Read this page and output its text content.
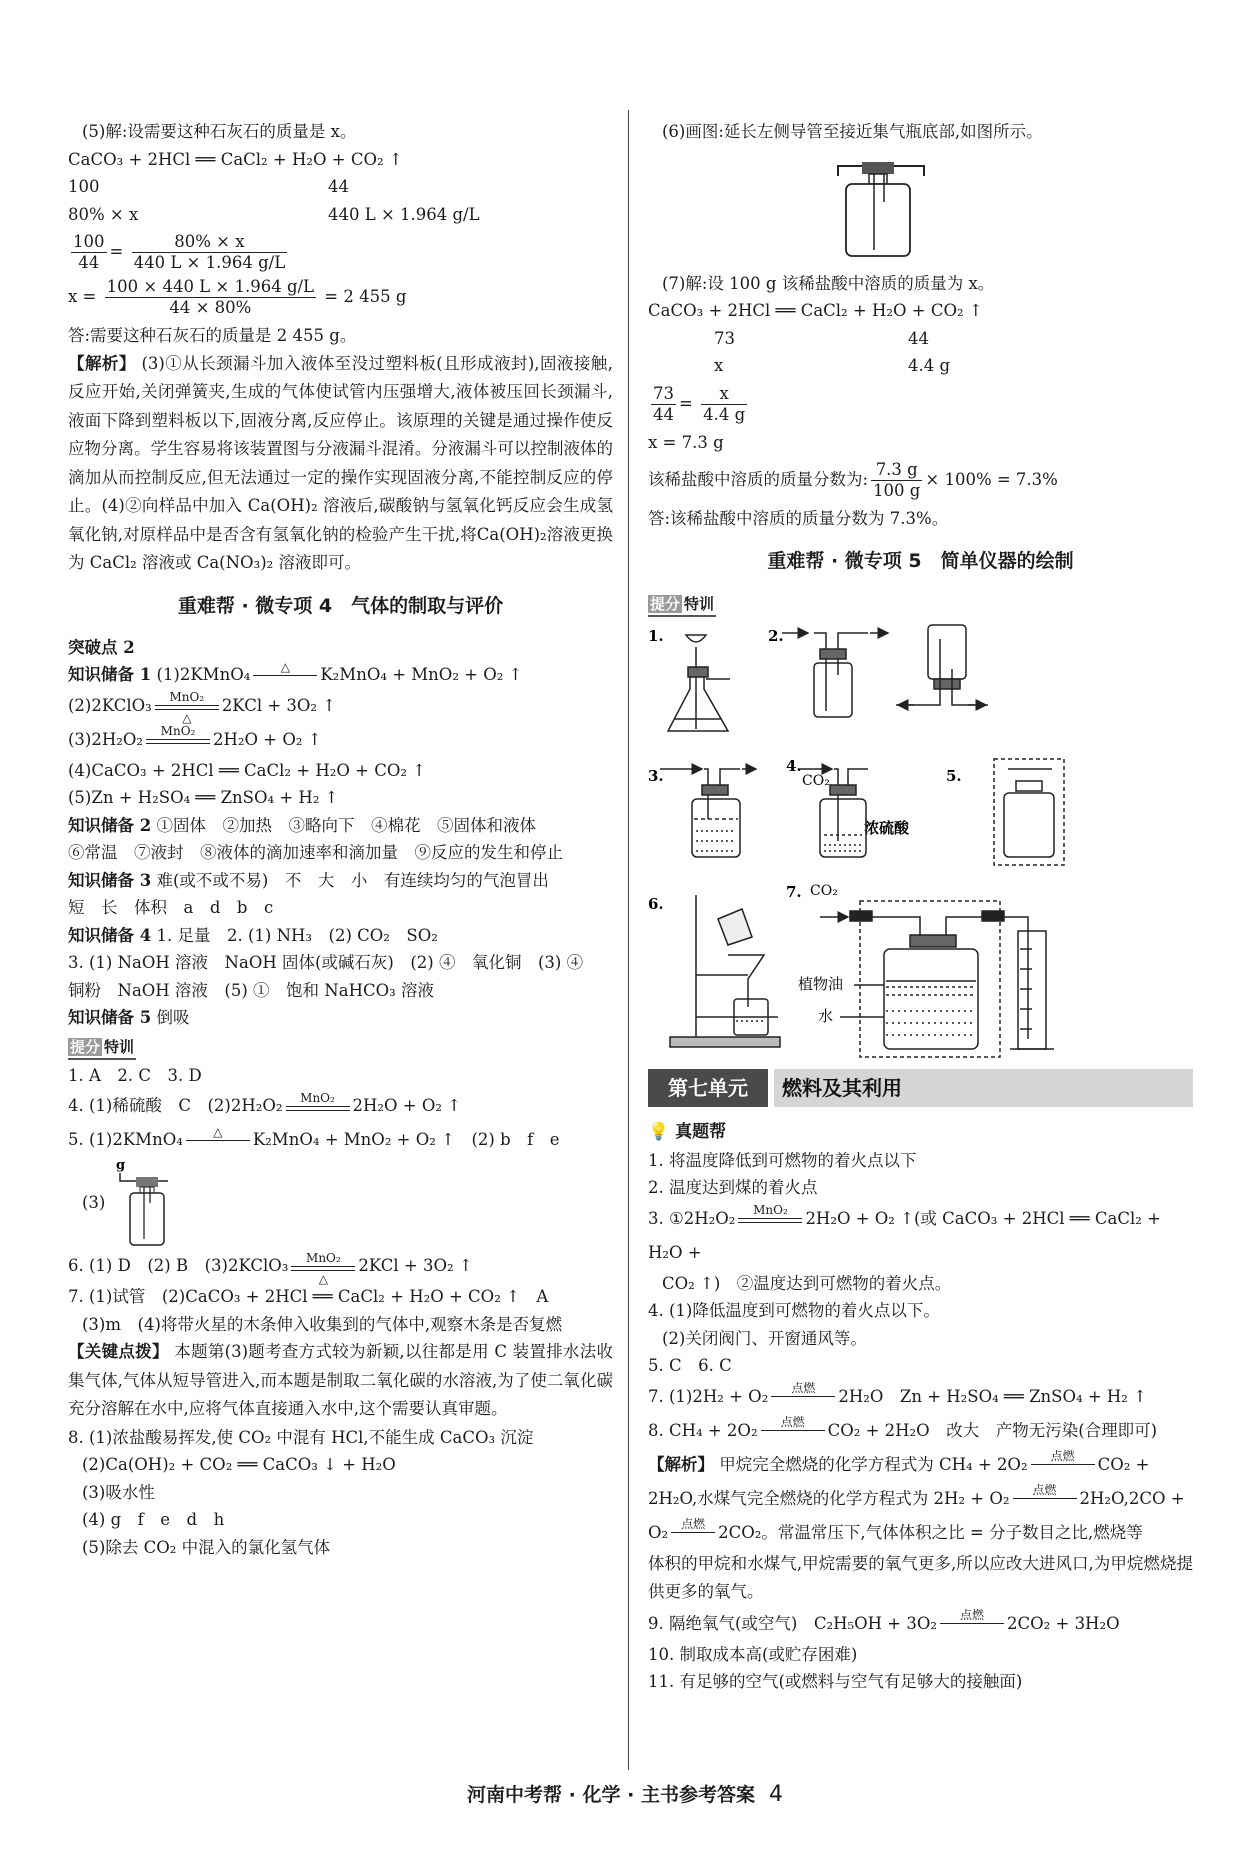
(5)解:设需要这种石灰石的质量是 x。
CaCO₃ + 2HCl ══ CaCl₂ + H₂O + CO₂ ↑
100	44
80% × x	440 L × 1.964 g/L
$\frac{100}{44} = \frac{80\% \times x}{440 L \times 1.964 g/L}$
$x = \frac{100 \times 440 L \times 1.964 g/L}{44 \times 80\%} = 2$ 455 g
答:需要这种石灰石的质量是 2 455 g。
【解析】 (3)①从长颈漏斗加入液体至没过塑料板(且形成液封),固液接触,反应开始,关闭弹簧夹,生成的气体使试管内压强增大,液体被压回长颈漏斗,液面下降到塑料板以下,固液分离,反应停止。该原理的关键是通过操作使反应物分离。学生容易将该装置图与分液漏斗混淆。分液漏斗可以控制液体的滴加从而控制反应,但无法通过一定的操作实现固液分离,不能控制反应的停止。(4)②向样品中加入 Ca(OH)₂ 溶液后,碳酸钠与氢氧化钙反应会生成氢氧化钠,对原样品中是否含有氢氧化钠的检验产生干扰,将Ca(OH)₂溶液更换为 CaCl₂ 溶液或 Ca(NO₃)₂ 溶液即可。
重难帮 · 微专项 4　气体的制取与评价
突破点 2
知识储备 1 (1)2KMnO₄	△	K₂MnO₄ + MnO₂ + O₂ ↑
(2)2KClO₃	MnO₂
△
2KCl + 3O₂ ↑
(3)2H₂O₂	MnO₂	2H₂O + O₂ ↑
(4)CaCO₃ + 2HCl ══ CaCl₂ + H₂O + CO₂ ↑
(5)Zn + H₂SO₄ ══ ZnSO₄ + H₂ ↑
知识储备 2 ①固体　②加热　③略向下　④棉花　⑤固体和液体
⑥常温　⑦液封　⑧液体的滴加速率和滴加量　⑨反应的发生和停止
知识储备 3 难(或不或不易)　不　大　小　有连续均匀的气泡冒出
短　长　体积　a　d　b　c
知识储备 4 1. 足量　2. (1) NH₃　(2) CO₂　SO₂
3. (1) NaOH 溶液　NaOH 固体(或碱石灰)　(2) ④　氧化铜　(3) ④
铜粉　NaOH 溶液　(5) ①　饱和 NaHCO₃ 溶液
知识储备 5 倒吸
提分 特训
1. A　2. C　3. D
4. (1)稀硫酸　C　(2)2H₂O₂	MnO₂	2H₂O + O₂ ↑
5. (1)2KMnO₄	△	K₂MnO₄ + MnO₂ + O₂ ↑　(2) b　f　e
(3)
g
6. (1) D　(2) B　(3)2KClO₃	MnO₂
△
2KCl + 3O₂ ↑
7. (1)试管　(2)CaCO₃ + 2HCl ══ CaCl₂ + H₂O + CO₂ ↑　A
(3)m　(4)将带火星的木条伸入收集到的气体中,观察木条是否复燃
【关键点拨】 本题第(3)题考查方式较为新颖,以往都是用 C 装置排水法收集气体,气体从短导管进入,而本题是制取二氧化碳的水溶液,为了使二氧化碳充分溶解在水中,应将气体直接通入水中,这个需要认真审题。
8. (1)浓盐酸易挥发,使 CO₂ 中混有 HCl,不能生成 CaCO₃ 沉淀
(2)Ca(OH)₂ + CO₂ ══ CaCO₃ ↓ + H₂O
(3)吸水性
(4) g　f　e　d　h
(5)除去 CO₂ 中混入的氯化氢气体
(6)画图:延长左侧导管至接近集气瓶底部,如图所示。
(7)解:设 100 g 该稀盐酸中溶质的质量为 x。
CaCO₃ + 2HCl ══ CaCl₂ + H₂O + CO₂ ↑
73	44
x	4.4 g
$\frac{73}{44} = \frac{x}{4.4 g}$
x = 7.3 g
该稀盐酸中溶质的质量分数为: $\frac{7.3 g}{100 g} \times 100\% = 7.3\%$
答:该稀盐酸中溶质的质量分数为 7.3%。
重难帮 · 微专项 5　简单仪器的绘制
提分 特训
1.	2.
3.
4.
CO₂
浓硫酸
5.
6.
7. CO₂
植物油
水
第七单元	燃料及其利用
💡 真题帮
1. 将温度降低到可燃物的着火点以下
2. 温度达到煤的着火点
3. ①2H₂O₂	MnO₂	2H₂O + O₂ ↑(或 CaCO₃ + 2HCl ══ CaCl₂ + H₂O +
CO₂ ↑)　②温度达到可燃物的着火点。
4. (1)降低温度到可燃物的着火点以下。
(2)关闭阀门、开窗通风等。
5. C　6. C
7. (1)2H₂ + O₂	点燃	2H₂O　Zn + H₂SO₄ ══ ZnSO₄ + H₂ ↑
8. CH₄ + 2O₂	点燃	CO₂ + 2H₂O　改大　产物无污染(合理即可)
【解析】 甲烷完全燃烧的化学方程式为 CH₄ + 2O₂	点燃	CO₂ +
2H₂O,水煤气完全燃烧的化学方程式为 2H₂ + O₂	点燃	2H₂O,2CO +
O₂	点燃 2CO₂。常温常压下,气体体积之比 = 分子数目之比,燃烧等
体积的甲烷和水煤气,甲烷需要的氧气更多,所以应改大进风口,为甲烷燃烧提供更多的氧气。
9. 隔绝氧气(或空气)　C₂H₅OH + 3O₂	点燃	2CO₂ + 3H₂O
10. 制取成本高(或贮存困难)
11. 有足够的空气(或燃料与空气有足够大的接触面)
河南中考帮 · 化学 · 主书参考答案 4
